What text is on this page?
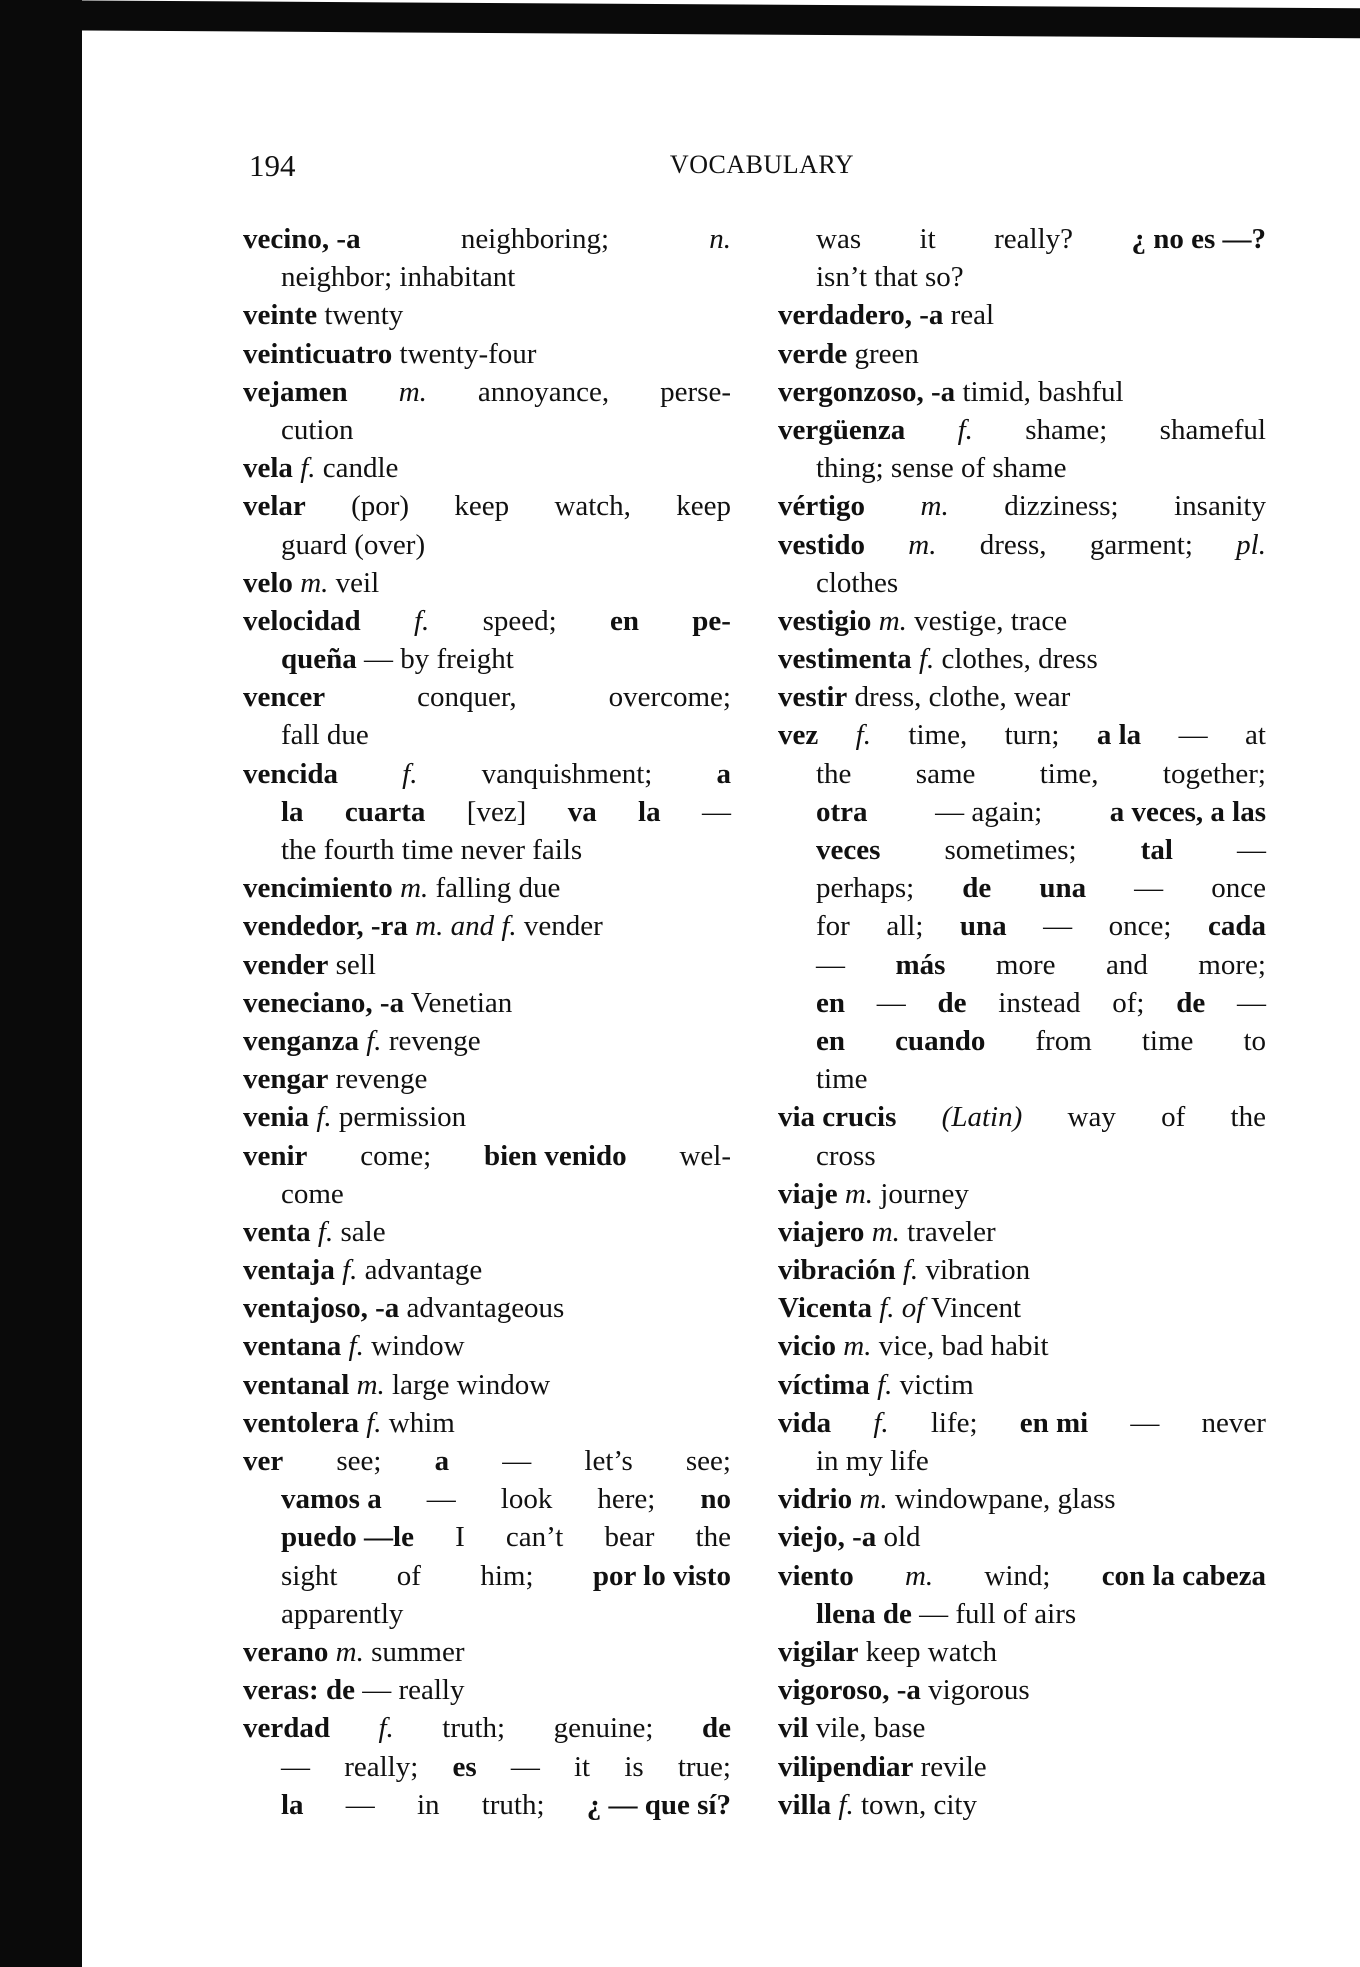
194	VOCABULARY
vecino, -a	neighboring;	n.
neighbor; inhabitant
veinte twenty
veinticuatro twenty-four
vejamen m. annoyance, perse-
cution
vela f. candle
velar (por) keep watch, keep
guard (over)
velo m. veil
velocidad f. speed; en pe-
queña — by freight
vencer	conquer,	overcome;
fall due
vencida f. vanquishment; a
la cuarta [vez] va la —
the fourth time never fails
vencimiento m. falling due
vendedor, -ra m. and f. vender
vender sell
veneciano, -a Venetian
venganza f. revenge
vengar revenge
venia f. permission
venir come; bien venido wel-
come
venta f. sale
ventaja f. advantage
ventajoso, -a advantageous
ventana f. window
ventanal m. large window
ventolera f. whim
ver see; a — let’s see;
vamos a — look here; no
puedo —le I can’t bear the
sight of him; por lo visto
apparently
verano m. summer
veras: de — really
verdad f. truth; genuine; de
— really; es — it is true;
la — in truth; ¿ — que sí?
was it really? ¿ no es —?
isn’t that so?
verdadero, -a real
verde green
vergonzoso, -a timid, bashful
vergüenza f. shame; shameful
thing; sense of shame
vértigo m. dizziness; insanity
vestido m. dress, garment; pl.
clothes
vestigio m. vestige, trace
vestimenta f. clothes, dress
vestir dress, clothe, wear
vez f. time, turn; a la — at
the same time, together;
otra — again; a veces, a las
veces sometimes; tal —
perhaps; de una — once
for all; una — once; cada
— más more and more;
en — de instead of; de —
en cuando from time to
time
via crucis (Latin) way of the
cross
viaje m. journey
viajero m. traveler
vibración f. vibration
Vicenta f. of Vincent
vicio m. vice, bad habit
víctima f. victim
vida f. life; en mi — never
in my life
vidrio m. windowpane, glass
viejo, -a old
viento m. wind; con la cabeza
llena de — full of airs
vigilar keep watch
vigoroso, -a vigorous
vil vile, base
vilipendiar revile
villa f. town, city
